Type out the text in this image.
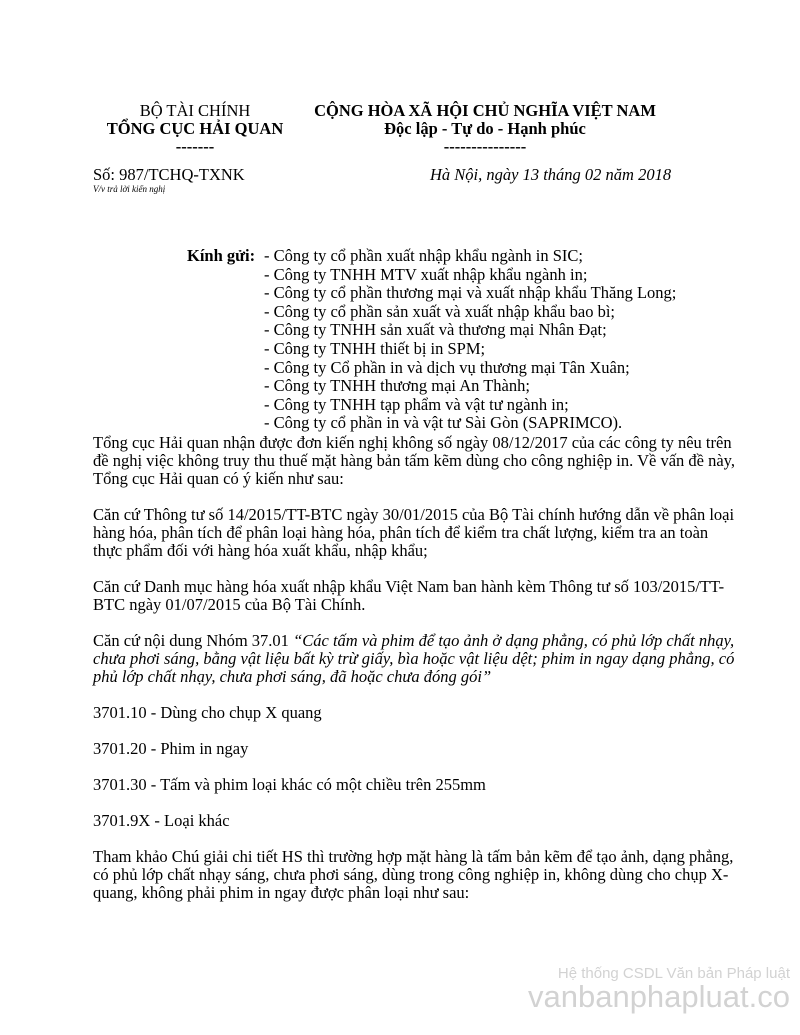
BỘ TÀI CHÍNH
TỔNG CỤC HẢI QUAN
-------
CỘNG HÒA XÃ HỘI CHỦ NGHĨA VIỆT NAM
Độc lập - Tự do - Hạnh phúc
---------------
Số: 987/TCHQ-TXNK
V/v trả lời kiến nghị
Hà Nội, ngày 13 tháng 02 năm 2018
Kính gửi: - Công ty cổ phần xuất nhập khẩu ngành in SIC;
- Công ty TNHH MTV xuất nhập khẩu ngành in;
- Công ty cổ phần thương mại và xuất nhập khẩu Thăng Long;
- Công ty cổ phần sản xuất và xuất nhập khẩu bao bì;
- Công ty TNHH sản xuất và thương mại Nhân Đạt;
- Công ty TNHH thiết bị in SPM;
- Công ty Cổ phần in và dịch vụ thương mại Tân Xuân;
- Công ty TNHH thương mại An Thành;
- Công ty TNHH tạp phẩm và vật tư ngành in;
- Công ty cổ phần in và vật tư Sài Gòn (SAPRIMCO).
Tổng cục Hải quan nhận được đơn kiến nghị không số ngày 08/12/2017 của các công ty nêu trên
đề nghị việc không truy thu thuế mặt hàng bản tấm kẽm dùng cho công nghiệp in. Về vấn đề này,
Tổng cục Hải quan có ý kiến như sau:
Căn cứ Thông tư số 14/2015/TT-BTC ngày 30/01/2015 của Bộ Tài chính hướng dẫn về phân loại
hàng hóa, phân tích để phân loại hàng hóa, phân tích để kiểm tra chất lượng, kiểm tra an toàn
thực phẩm đối với hàng hóa xuất khẩu, nhập khẩu;
Căn cứ Danh mục hàng hóa xuất nhập khẩu Việt Nam ban hành kèm Thông tư số 103/2015/TT-
BTC ngày 01/07/2015 của Bộ Tài Chính.
Căn cứ nội dung Nhóm 37.01 “Các tấm và phim để tạo ảnh ở dạng phẳng, có phủ lớp chất nhạy,
chưa phơi sáng, bằng vật liệu bất kỳ trừ giấy, bìa hoặc vật liệu dệt; phim in ngay dạng phẳng, có
phủ lớp chất nhạy, chưa phơi sáng, đã hoặc chưa đóng gói”
3701.10 - Dùng cho chụp X quang
3701.20 - Phim in ngay
3701.30 - Tấm và phim loại khác có một chiều trên 255mm
3701.9X - Loại khác
Tham khảo Chú giải chi tiết HS thì trường hợp mặt hàng là tấm bản kẽm để tạo ảnh, dạng phẳng,
có phủ lớp chất nhạy sáng, chưa phơi sáng, dùng trong công nghiệp in, không dùng cho chụp X-
quang, không phải phim in ngay được phân loại như sau:
Hệ thống CSDL Văn bản Pháp luật
vanbanphapluat.co
